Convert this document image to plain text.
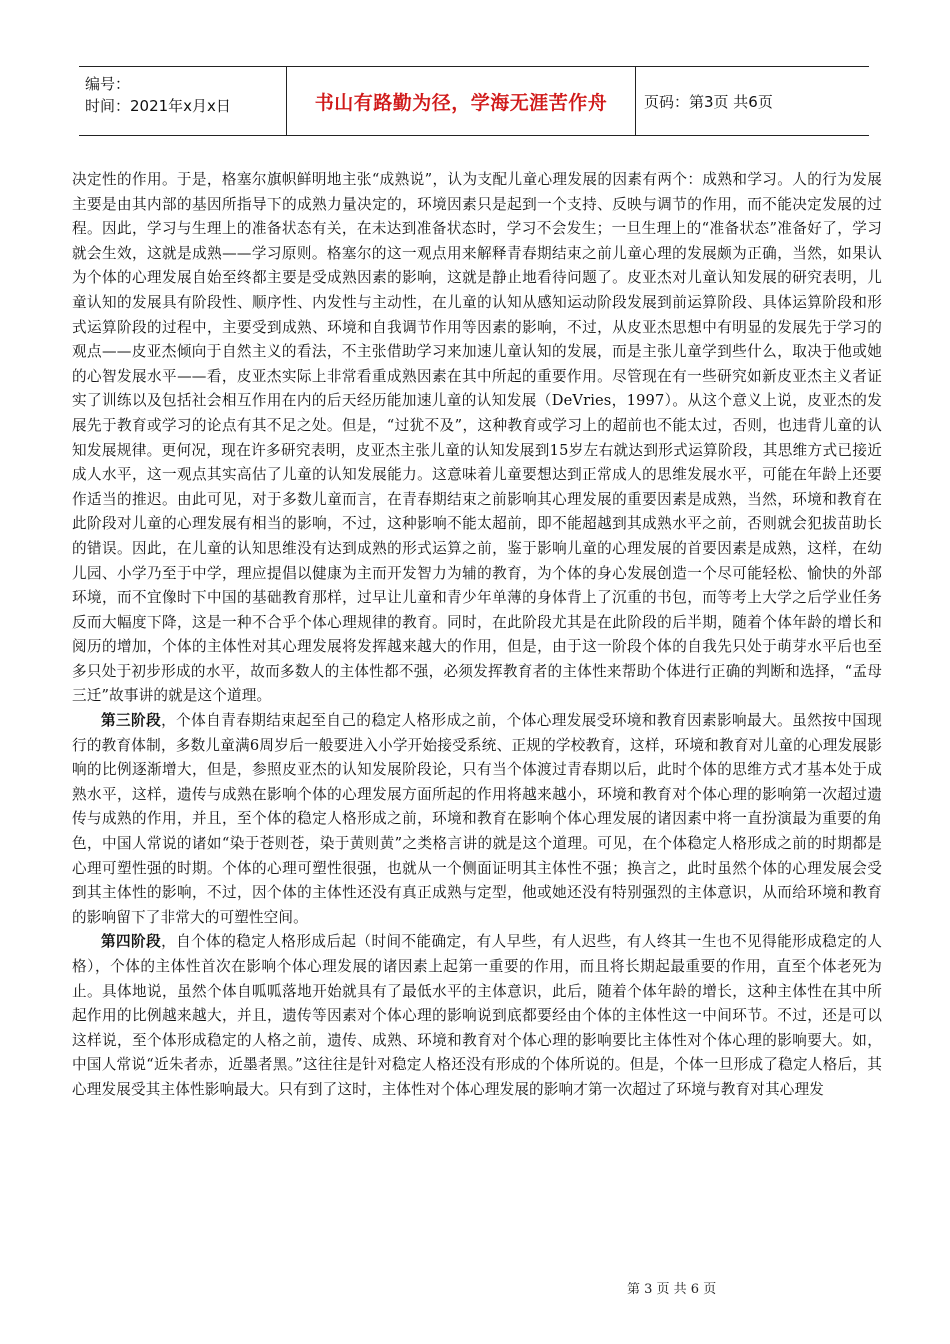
编号：
时间：2021年x月x日	书山有路勤为径，学海无涯苦作舟	页码：第3页 共6页

决定性的作用。于是，格塞尔旗帜鲜明地主张“成熟说”，认为支配儿童心理发展的因素有两个：成熟和学习。人的行为发展主要是由其内部的基因所指导下的成熟力量决定的，环境因素只是起到一个支持、反映与调节的作用，而不能决定发展的过程。因此，学习与生理上的准备状态有关，在未达到准备状态时，学习不会发生；一旦生理上的“准备状态”准备好了，学习就会生效，这就是成熟——学习原则。格塞尔的这一观点用来解释青春期结束之前儿童心理的发展颇为正确，当然，如果认为个体的心理发展自始至终都主要是受成熟因素的影响，这就是静止地看待问题了。皮亚杰对儿童认知发展的研究表明，儿童认知的发展具有阶段性、顺序性、内发性与主动性，在儿童的认知从感知运动阶段发展到前运算阶段、具体运算阶段和形式运算阶段的过程中，主要受到成熟、环境和自我调节作用等因素的影响，不过，从皮亚杰思想中有明显的发展先于学习的观点——皮亚杰倾向于自然主义的看法，不主张借助学习来加速儿童认知的发展，而是主张儿童学到些什么，取决于他或她的心智发展水平——看，皮亚杰实际上非常看重成熟因素在其中所起的重要作用。尽管现在有一些研究如新皮亚杰主义者证实了训练以及包括社会相互作用在内的后天经历能加速儿童的认知发展（DeVries，1997）。从这个意义上说，皮亚杰的发展先于教育或学习的论点有其不足之处。但是，“过犹不及”，这种教育或学习上的超前也不能太过，否则，也违背儿童的认知发展规律。更何况，现在许多研究表明，皮亚杰主张儿童的认知发展到15岁左右就达到形式运算阶段，其思维方式已接近成人水平，这一观点其实高估了儿童的认知发展能力。这意味着儿童要想达到正常成人的思维发展水平，可能在年龄上还要作适当的推迟。由此可见，对于多数儿童而言，在青春期结束之前影响其心理发展的重要因素是成熟，当然，环境和教育在此阶段对儿童的心理发展有相当的影响，不过，这种影响不能太超前，即不能超越到其成熟水平之前，否则就会犯拔苗助长的错误。因此，在儿童的认知思维没有达到成熟的形式运算之前，鉴于影响儿童的心理发展的首要因素是成熟，这样，在幼儿园、小学乃至于中学，理应提倡以健康为主而开发智力为辅的教育，为个体的身心发展创造一个尽可能轻松、愉快的外部环境，而不宜像时下中国的基础教育那样，过早让儿童和青少年单薄的身体背上了沉重的书包，而等考上大学之后学业任务反而大幅度下降，这是一种不合乎个体心理规律的教育。同时，在此阶段尤其是在此阶段的后半期，随着个体年龄的增长和阅历的增加，个体的主体性对其心理发展将发挥越来越大的作用，但是，由于这一阶段个体的自我先只处于萌芽水平后也至多只处于初步形成的水平，故而多数人的主体性都不强，必须发挥教育者的主体性来帮助个体进行正确的判断和选择，“孟母三迁”故事讲的就是这个道理。

第三阶段，个体自青春期结束起至自己的稳定人格形成之前，个体心理发展受环境和教育因素影响最大。虽然按中国现行的教育体制，多数儿童满6周岁后一般要进入小学开始接受系统、正规的学校教育，这样，环境和教育对儿童的心理发展影响的比例逐渐增大，但是，参照皮亚杰的认知发展阶段论，只有当个体渡过青春期以后，此时个体的思维方式才基本处于成熟水平，这样，遗传与成熟在影响个体的心理发展方面所起的作用将越来越小，环境和教育对个体心理的影响第一次超过遗传与成熟的作用，并且，至个体的稳定人格形成之前，环境和教育在影响个体心理发展的诸因素中将一直扮演最为重要的角色，中国人常说的诸如“染于苍则苍，染于黄则黄”之类格言讲的就是这个道理。可见，在个体稳定人格形成之前的时期都是心理可塑性强的时期。个体的心理可塑性很强，也就从一个侧面证明其主体性不强；换言之，此时虽然个体的心理发展会受到其主体性的影响，不过，因个体的主体性还没有真正成熟与定型，他或她还没有特别强烈的主体意识，从而给环境和教育的影响留下了非常大的可塑性空间。

第四阶段，自个体的稳定人格形成后起（时间不能确定，有人早些，有人迟些，有人终其一生也不见得能形成稳定的人格），个体的主体性首次在影响个体心理发展的诸因素上起第一重要的作用，而且将长期起最重要的作用，直至个体老死为止。具体地说，虽然个体自呱呱落地开始就具有了最低水平的主体意识，此后，随着个体年龄的增长，这种主体性在其中所起作用的比例越来越大，并且，遗传等因素对个体心理的影响说到底都要经由个体的主体性这一中间环节。不过，还是可以这样说，至个体形成稳定的人格之前，遗传、成熟、环境和教育对个体心理的影响要比主体性对个体心理的影响要大。如，中国人常说“近朱者赤，近墨者黑。”这往往是针对稳定人格还没有形成的个体所说的。但是，个体一旦形成了稳定人格后，其心理发展受其主体性影响最大。只有到了这时，主体性对个体心理发展的影响才第一次超过了环境与教育对其心理发

第 3 页 共 6 页
